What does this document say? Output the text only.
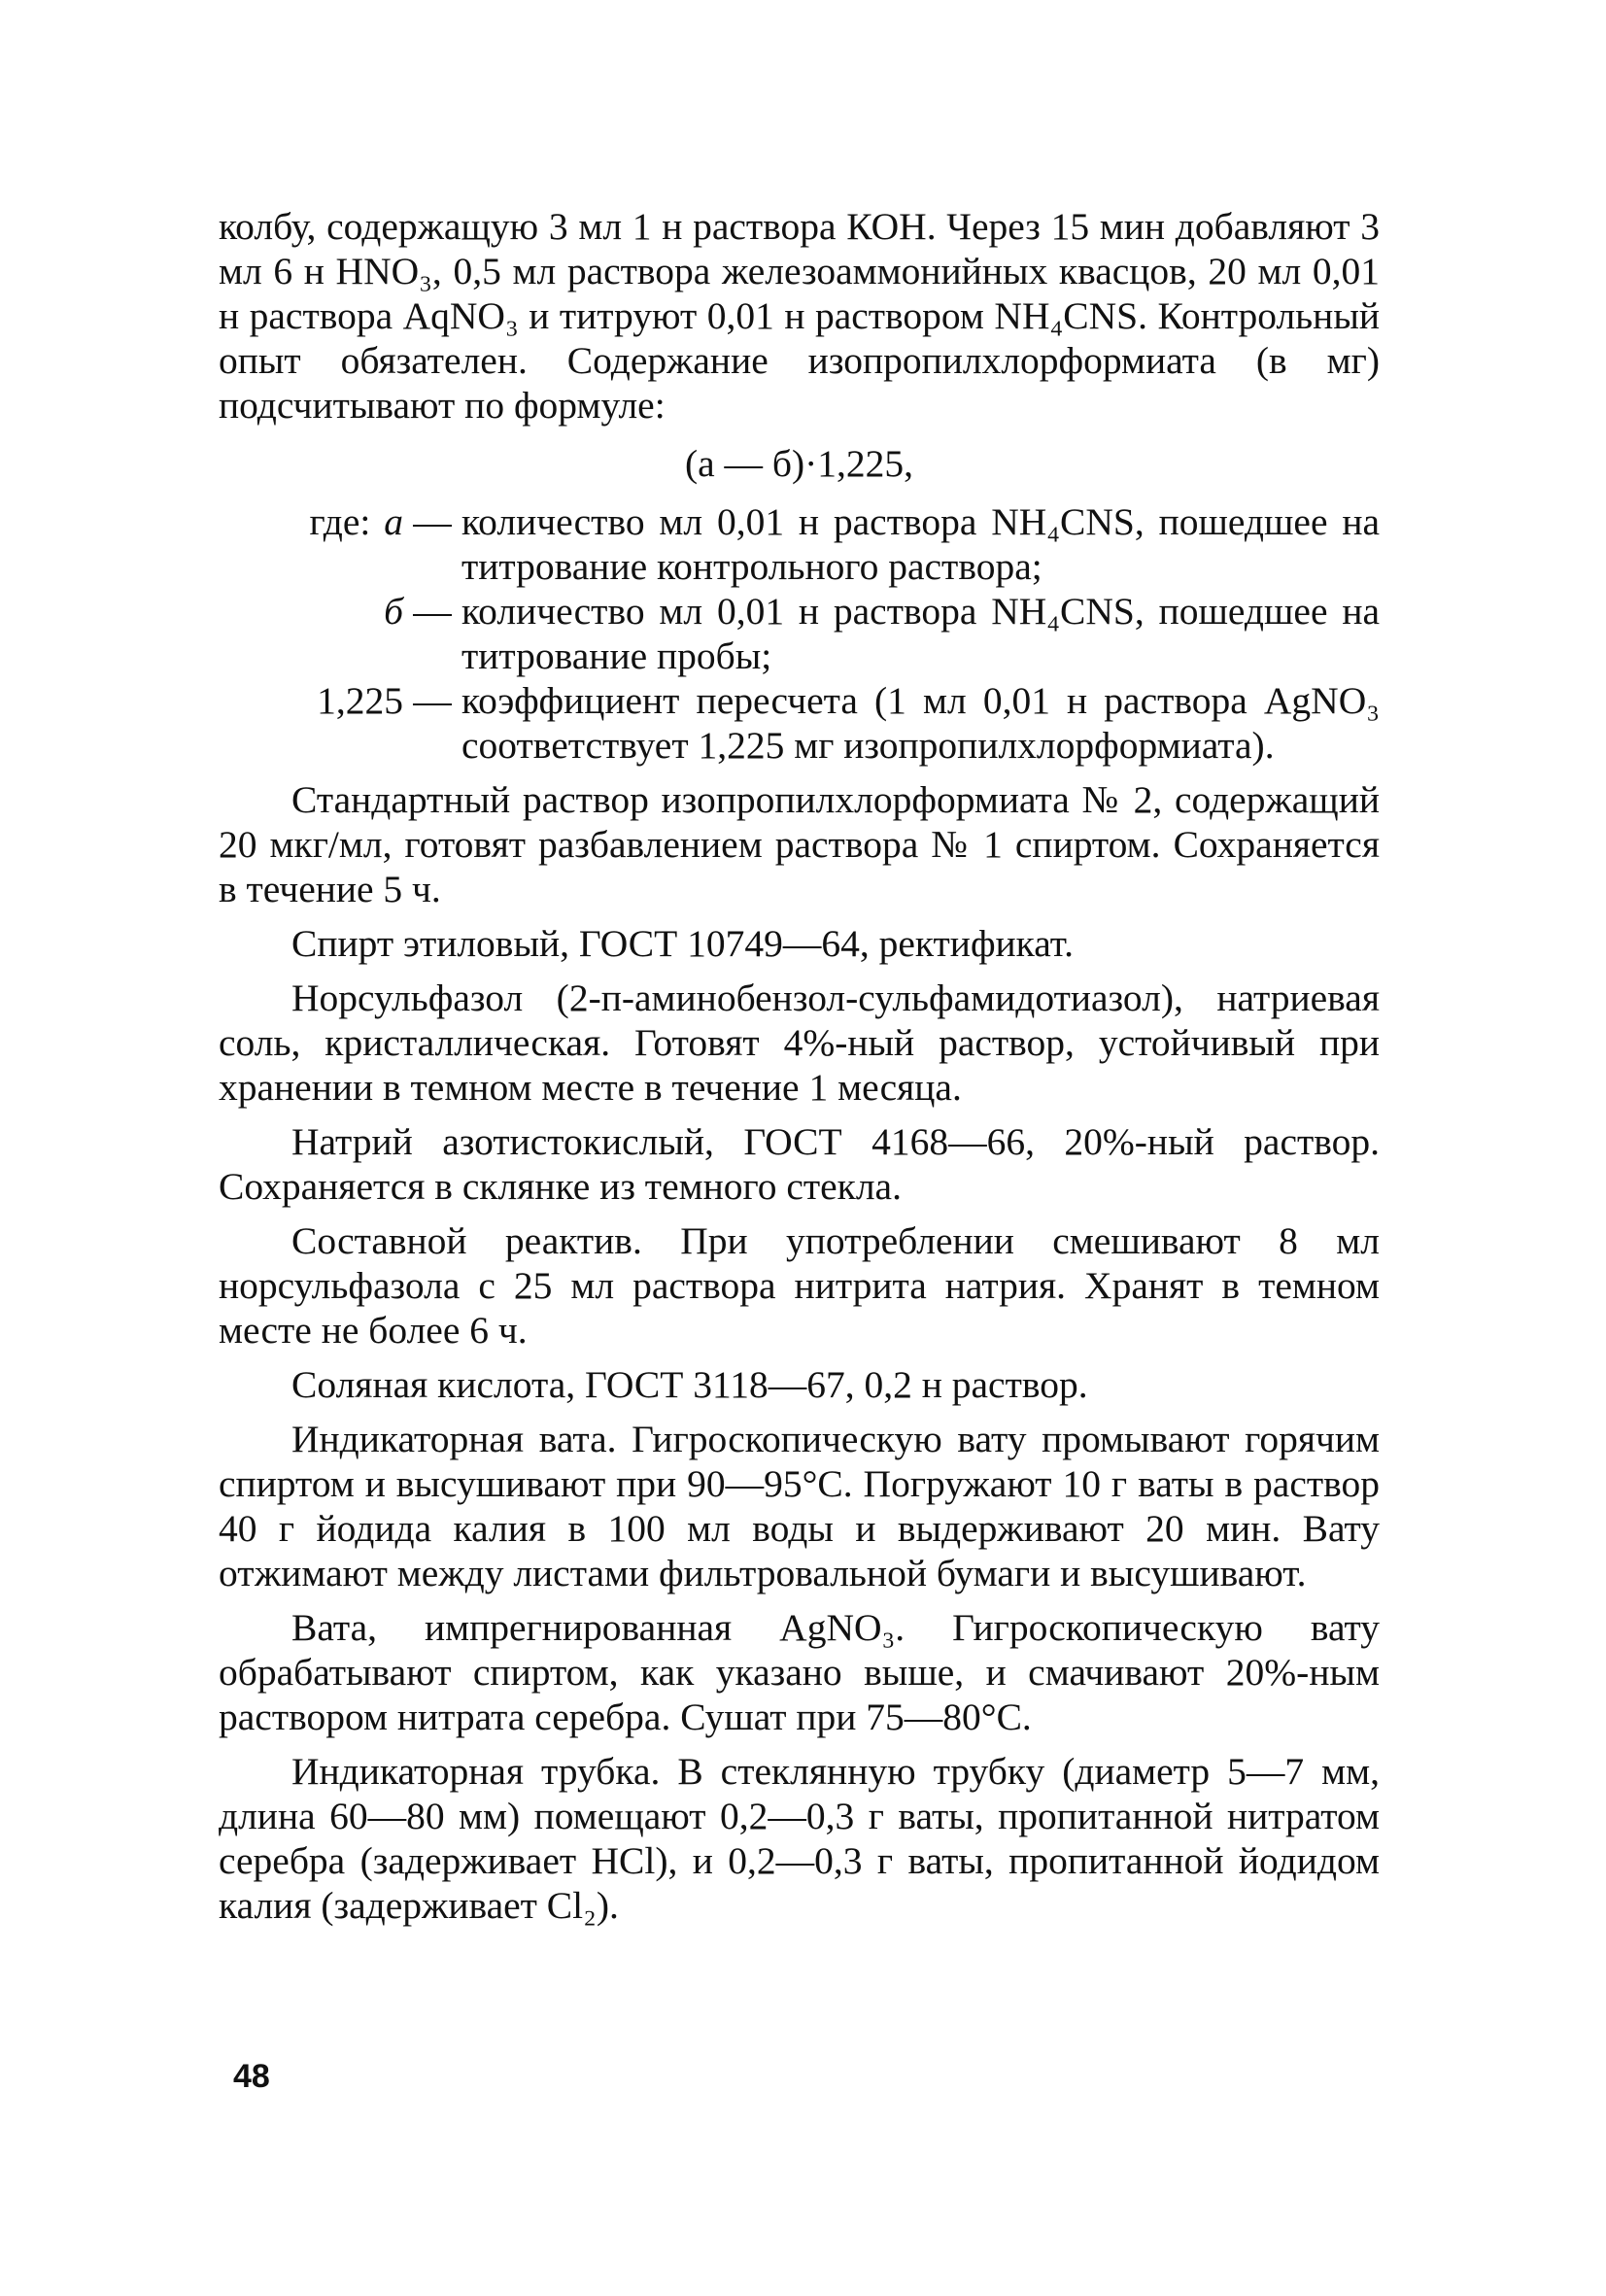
колбу, содержащую 3 мл 1 н раствора КОН. Через 15 мин добавляют 3 мл 6 н HNO₃, 0,5 мл раствора железоаммонийных квасцов, 20 мл 0,01 н раствора AqNO₃ и титруют 0,01 н раствором NH₄CNS. Контрольный опыт обязателен. Содержание изопропилхлорформиата (в мг) подсчитывают по формуле:

(а — б)·1,225,

где: а — количество мл 0,01 н раствора NH₄CNS, пошедшее на титрование контрольного раствора;
б — количество мл 0,01 н раствора NH₄CNS, пошедшее на титрование пробы;
1,225 — коэффициент пересчета (1 мл 0,01 н раствора AgNO₃ соответствует 1,225 мг изопропилхлорформиата).

Стандартный раствор изопропилхлорформиата № 2, содержащий 20 мкг/мл, готовят разбавлением раствора № 1 спиртом. Сохраняется в течение 5 ч.

Спирт этиловый, ГОСТ 10749—64, ректификат.

Норсульфазол (2-п-аминобензол-сульфамидотиазол), натриевая соль, кристаллическая. Готовят 4%-ный раствор, устойчивый при хранении в темном месте в течение 1 месяца.

Натрий азотистокислый, ГОСТ 4168—66, 20%-ный раствор. Сохраняется в склянке из темного стекла.

Составной реактив. При употреблении смешивают 8 мл норсульфазола с 25 мл раствора нитрита натрия. Хранят в темном месте не более 6 ч.

Соляная кислота, ГОСТ 3118—67, 0,2 н раствор.

Индикаторная вата. Гигроскопическую вату промывают горячим спиртом и высушивают при 90—95°С. Погружают 10 г ваты в раствор 40 г йодида калия в 100 мл воды и выдерживают 20 мин. Вату отжимают между листами фильтровальной бумаги и высушивают.

Вата, импрегнированная AgNO₃. Гигроскопическую вату обрабатывают спиртом, как указано выше, и смачивают 20%-ным раствором нитрата серебра. Сушат при 75—80°С.

Индикаторная трубка. В стеклянную трубку (диаметр 5—7 мм, длина 60—80 мм) помещают 0,2—0,3 г ваты, пропитанной нитратом серебра (задерживает HCl), и 0,2—0,3 г ваты, пропитанной йодидом калия (задерживает Cl₂).

48
